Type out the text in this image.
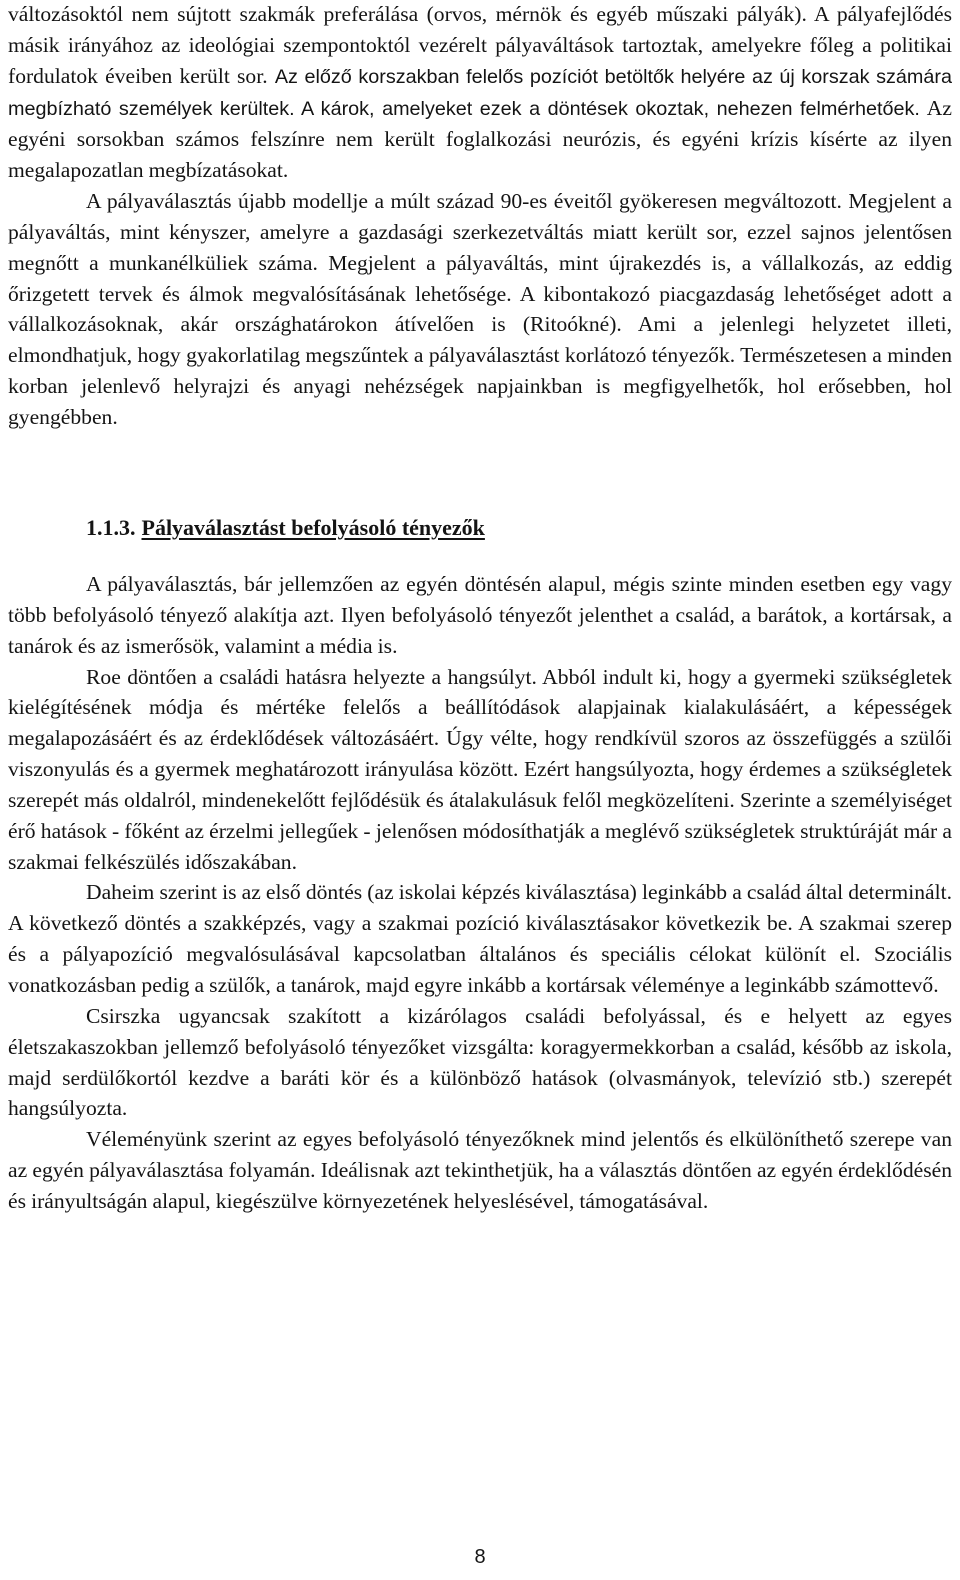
változásoktól nem sújtott szakmák preferálása (orvos, mérnök és egyéb műszaki pályák). A pályafejlődés másik irányához az ideológiai szempontoktól vezérelt pályaváltások tartoztak, amelyekre főleg a politikai fordulatok éveiben került sor. Az előző korszakban felelős pozíciót betöltők helyére az új korszak számára megbízható személyek kerültek. A károk, amelyeket ezek a döntések okoztak, nehezen felmérhetőek. Az egyéni sorsokban számos felszínre nem került foglalkozási neurózis, és egyéni krízis kísérte az ilyen megalapozatlan megbízatásokat.

A pályaválasztás újabb modellje a múlt század 90-es éveitől gyökeresen megváltozott. Megjelent a pályaváltás, mint kényszer, amelyre a gazdasági szerkezetváltás miatt került sor, ezzel sajnos jelentősen megnőtt a munkanélküliek száma. Megjelent a pályaváltás, mint újrakezdés is, a vállalkozás, az eddig őrizgetett tervek és álmok megvalósításának lehetősége. A kibontakozó piacgazdaság lehetőséget adott a vállalkozásoknak, akár országhatárokon átívelően is (Ritoókné). Ami a jelenlegi helyzetet illeti, elmondhatjuk, hogy gyakorlatilag megszűntek a pályaválasztást korlátozó tényezők. Természetesen a minden korban jelenlevő helyrajzi és anyagi nehézségek napjainkban is megfigyelhetők, hol erősebben, hol gyengébben.

1.1.3. Pályaválasztást befolyásoló tényezők

A pályaválasztás, bár jellemzően az egyén döntésén alapul, mégis szinte minden esetben egy vagy több befolyásoló tényező alakítja azt. Ilyen befolyásoló tényezőt jelenthet a család, a barátok, a kortársak, a tanárok és az ismerősök, valamint a média is.

Roe döntően a családi hatásra helyezte a hangsúlyt. Abból indult ki, hogy a gyermeki szükségletek kielégítésének módja és mértéke felelős a beállítódások alapjainak kialakulásáért, a képességek megalapozásáért és az érdeklődések változásáért. Úgy vélte, hogy rendkívül szoros az összefüggés a szülői viszonyulás és a gyermek meghatározott irányulása között. Ezért hangsúlyozta, hogy érdemes a szükségletek szerepét más oldalról, mindenekelőtt fejlődésük és átalakulásuk felől megközelíteni. Szerinte a személyiséget érő hatások - főként az érzelmi jellegűek - jelenősen módosíthatják a meglévő szükségletek struktúráját már a szakmai felkészülés időszakában.

Daheim szerint is az első döntés (az iskolai képzés kiválasztása) leginkább a család által determinált. A következő döntés a szakképzés, vagy a szakmai pozíció kiválasztásakor következik be. A szakmai szerep és a pályapozíció megvalósulásával kapcsolatban általános és speciális célokat különít el. Szociális vonatkozásban pedig a szülők, a tanárok, majd egyre inkább a kortársak véleménye a leginkább számottevő.

Csirszka ugyancsak szakított a kizárólagos családi befolyással, és e helyett az egyes életszakaszokban jellemző befolyásoló tényezőket vizsgálta: koragyermekkorban a család, később az iskola, majd serdülőkortól kezdve a baráti kör és a különböző hatások (olvasmányok, televízió stb.) szerepét hangsúlyozta.

Véleményünk szerint az egyes befolyásoló tényezőknek mind jelentős és elkülöníthető szerepe van az egyén pályaválasztása folyamán. Ideálisnak azt tekinthetjük, ha a választás döntően az egyén érdeklődésén és irányultságán alapul, kiegészülve környezetének helyeslésével, támogatásával.

8
